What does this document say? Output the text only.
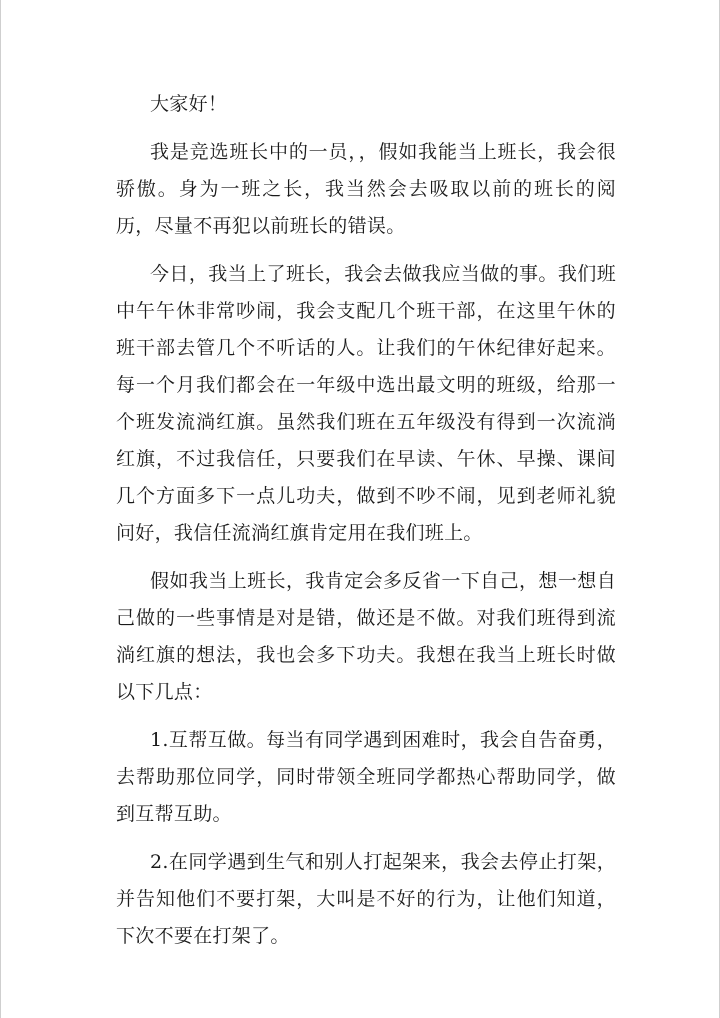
大家好！

我是竞选班长中的一员，，假如我能当上班长，我会很骄傲。身为一班之长，我当然会去吸取以前的班长的阅历，尽量不再犯以前班长的错误。

今日，我当上了班长，我会去做我应当做的事。我们班中午午休非常吵闹，我会支配几个班干部，在这里午休的班干部去管几个不听话的人。让我们的午休纪律好起来。每一个月我们都会在一年级中选出最文明的班级，给那一个班发流淌红旗。虽然我们班在五年级没有得到一次流淌红旗，不过我信任，只要我们在早读、午休、早操、课间几个方面多下一点儿功夫，做到不吵不闹，见到老师礼貌问好，我信任流淌红旗肯定用在我们班上。

假如我当上班长，我肯定会多反省一下自己，想一想自己做的一些事情是对是错，做还是不做。对我们班得到流淌红旗的想法，我也会多下功夫。我想在我当上班长时做以下几点：

1.互帮互做。每当有同学遇到困难时，我会自告奋勇，去帮助那位同学，同时带领全班同学都热心帮助同学，做到互帮互助。

2.在同学遇到生气和别人打起架来，我会去停止打架，并告知他们不要打架，大叫是不好的行为，让他们知道，下次不要在打架了。
